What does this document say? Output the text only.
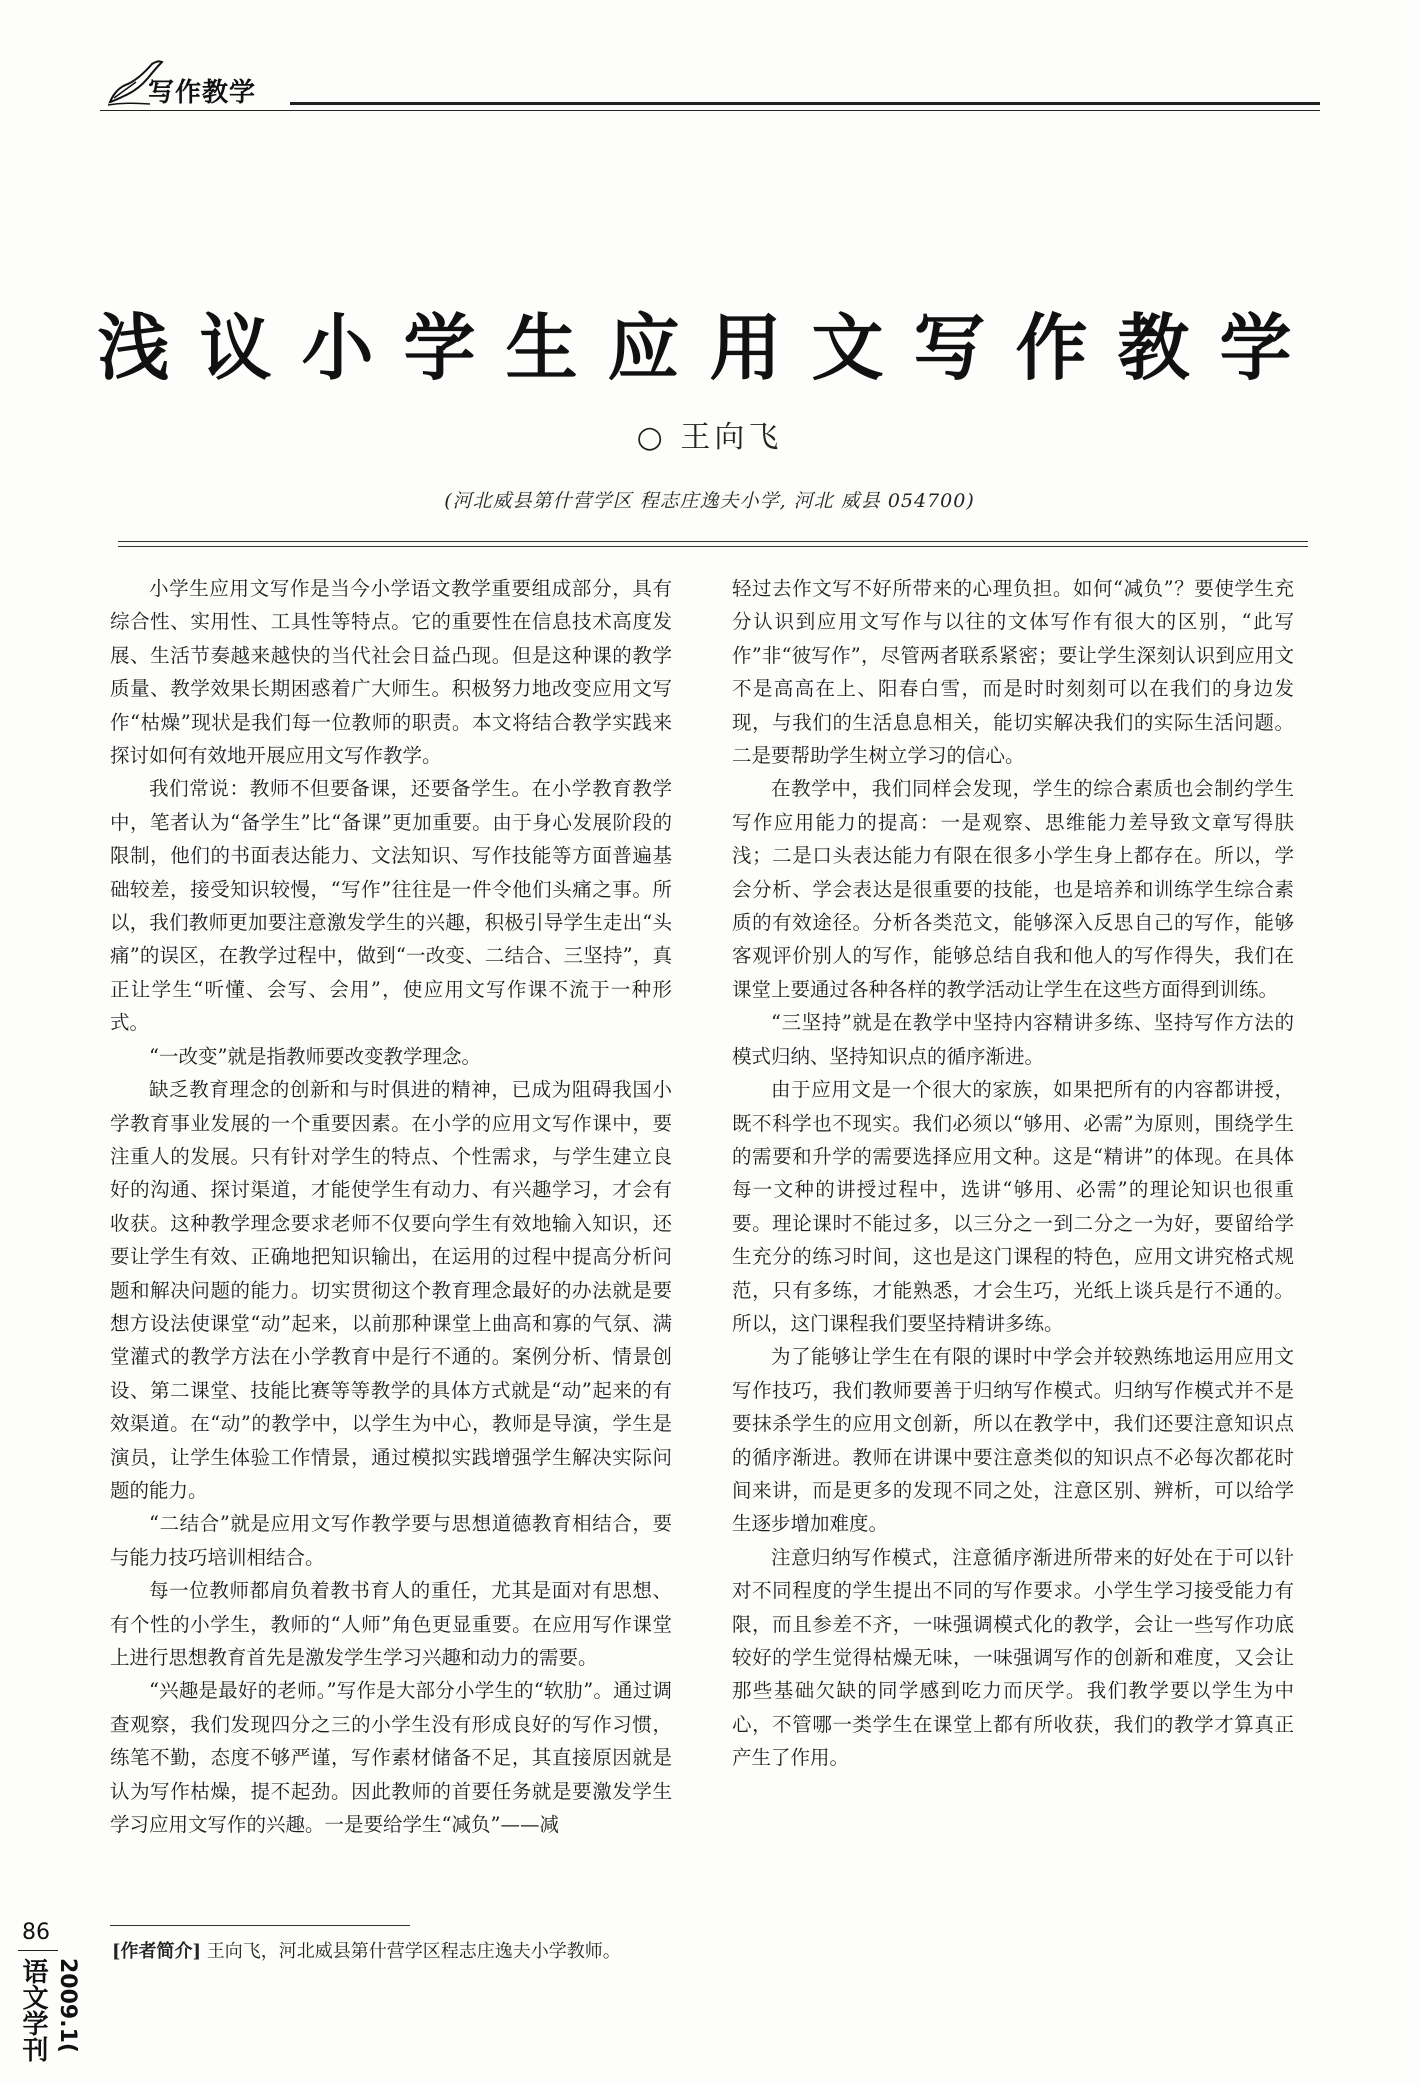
写作教学
浅议小学生应用文写作教学
○ 王向飞
(河北威县第什营学区 程志庄逸夫小学, 河北 威县 054700)

小学生应用文写作是当今小学语文教学重要组成部分，具有综合性、实用性、工具性等特点。它的重要性在信息技术高度发展、生活节奏越来越快的当代社会日益凸现。但是这种课的教学质量、教学效果长期困惑着广大师生。积极努力地改变应用文写作“枯燥”现状是我们每一位教师的职责。本文将结合教学实践来探讨如何有效地开展应用文写作教学。

我们常说：教师不但要备课，还要备学生。在小学教育教学中，笔者认为“备学生”比“备课”更加重要。由于身心发展阶段的限制，他们的书面表达能力、文法知识、写作技能等方面普遍基础较差，接受知识较慢，“写作”往往是一件令他们头痛之事。所以，我们教师更加要注意激发学生的兴趣，积极引导学生走出“头痛”的误区，在教学过程中，做到“一改变、二结合、三坚持”，真正让学生“听懂、会写、会用”，使应用文写作课不流于一种形式。

“一改变”就是指教师要改变教学理念。

缺乏教育理念的创新和与时俱进的精神，已成为阻碍我国小学教育事业发展的一个重要因素。在小学的应用文写作课中，要注重人的发展。只有针对学生的特点、个性需求，与学生建立良好的沟通、探讨渠道，才能使学生有动力、有兴趣学习，才会有收获。这种教学理念要求老师不仅要向学生有效地输入知识，还要让学生有效、正确地把知识输出，在运用的过程中提高分析问题和解决问题的能力。切实贯彻这个教育理念最好的办法就是要想方设法使课堂“动”起来，以前那种课堂上曲高和寡的气氛、满堂灌式的教学方法在小学教育中是行不通的。案例分析、情景创设、第二课堂、技能比赛等等教学的具体方式就是“动”起来的有效渠道。在“动”的教学中，以学生为中心，教师是导演，学生是演员，让学生体验工作情景，通过模拟实践增强学生解决实际问题的能力。

“二结合”就是应用文写作教学要与思想道德教育相结合，要与能力技巧培训相结合。

每一位教师都肩负着教书育人的重任，尤其是面对有思想、有个性的小学生，教师的“人师”角色更显重要。在应用写作课堂上进行思想教育首先是激发学生学习兴趣和动力的需要。

“兴趣是最好的老师。”写作是大部分小学生的“软肋”。通过调查观察，我们发现四分之三的小学生没有形成良好的写作习惯，练笔不勤，态度不够严谨，写作素材储备不足，其直接原因就是认为写作枯燥，提不起劲。因此教师的首要任务就是要激发学生学习应用文写作的兴趣。一是要给学生“减负”——减

轻过去作文写不好所带来的心理负担。如何“减负”？要使学生充分认识到应用文写作与以往的文体写作有很大的区别，“此写作”非“彼写作”，尽管两者联系紧密；要让学生深刻认识到应用文不是高高在上、阳春白雪，而是时时刻刻可以在我们的身边发现，与我们的生活息息相关，能切实解决我们的实际生活问题。二是要帮助学生树立学习的信心。

在教学中，我们同样会发现，学生的综合素质也会制约学生写作应用能力的提高：一是观察、思维能力差导致文章写得肤浅；二是口头表达能力有限在很多小学生身上都存在。所以，学会分析、学会表达是很重要的技能，也是培养和训练学生综合素质的有效途径。分析各类范文，能够深入反思自己的写作，能够客观评价别人的写作，能够总结自我和他人的写作得失，我们在课堂上要通过各种各样的教学活动让学生在这些方面得到训练。

“三坚持”就是在教学中坚持内容精讲多练、坚持写作方法的模式归纳、坚持知识点的循序渐进。

由于应用文是一个很大的家族，如果把所有的内容都讲授，既不科学也不现实。我们必须以“够用、必需”为原则，围绕学生的需要和升学的需要选择应用文种。这是“精讲”的体现。在具体每一文种的讲授过程中，选讲“够用、必需”的理论知识也很重要。理论课时不能过多，以三分之一到二分之一为好，要留给学生充分的练习时间，这也是这门课程的特色，应用文讲究格式规范，只有多练，才能熟悉，才会生巧，光纸上谈兵是行不通的。所以，这门课程我们要坚持精讲多练。

为了能够让学生在有限的课时中学会并较熟练地运用应用文写作技巧，我们教师要善于归纳写作模式。归纳写作模式并不是要抹杀学生的应用文创新，所以在教学中，我们还要注意知识点的循序渐进。教师在讲课中要注意类似的知识点不必每次都花时间来讲，而是更多的发现不同之处，注意区别、辨析，可以给学生逐步增加难度。

注意归纳写作模式，注意循序渐进所带来的好处在于可以针对不同程度的学生提出不同的写作要求。小学生学习接受能力有限，而且参差不齐，一味强调模式化的教学，会让一些写作功底较好的学生觉得枯燥无味，一味强调写作的创新和难度，又会让那些基础欠缺的同学感到吃力而厌学。我们教学要以学生为中心，不管哪一类学生在课堂上都有所收获，我们的教学才算真正产生了作用。

[作者简介] 王向飞，河北威县第什营学区程志庄逸夫小学教师。
86
语文学刊 2009.1(
